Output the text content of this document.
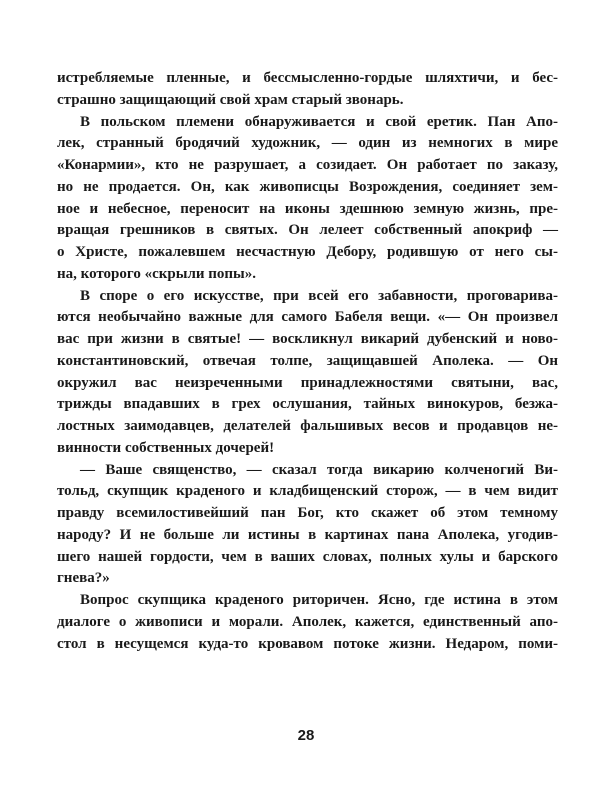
истребляемые пленные, и бессмысленно-гордые шляхтичи, и бес-
страшно защищающий свой храм старый звонарь.
В польском племени обнаруживается и свой еретик. Пан Апо-
лек, странный бродячий художник, — один из немногих в мире
«Конармии», кто не разрушает, а созидает. Он работает по заказу,
но не продается. Он, как живописцы Возрождения, соединяет зем-
ное и небесное, переносит на иконы здешнюю земную жизнь, пре-
вращая грешников в святых. Он лелеет собственный апокриф —
о Христе, пожалевшем несчастную Дебору, родившую от него сы-
на, которого «скрыли попы».
В споре о его искусстве, при всей его забавности, проговарива-
ются необычайно важные для самого Бабеля вещи. «— Он произвел
вас при жизни в святые! — воскликнул викарий дубенский и ново-
константиновский, отвечая толпе, защищавшей Аполека. — Он
окружил вас неизреченными принадлежностями святыни, вас,
трижды впадавших в грех ослушания, тайных винокуров, безжа-
лостных заимодавцев, делателей фальшивых весов и продавцов не-
винности собственных дочерей!
— Ваше священство, — сказал тогда викарию колченогий Ви-
тольд, скупщик краденого и кладбищенский сторож, — в чем видит
правду всемилостивейший пан Бог, кто скажет об этом темному
народу? И не больше ли истины в картинах пана Аполека, угодив-
шего нашей гордости, чем в ваших словах, полных хулы и барского
гнева?»
Вопрос скупщика краденого риторичен. Ясно, где истина в этом
диалоге о живописи и морали. Аполек, кажется, единственный апо-
стол в несущемся куда-то кровавом потоке жизни. Недаром, поми-
28
